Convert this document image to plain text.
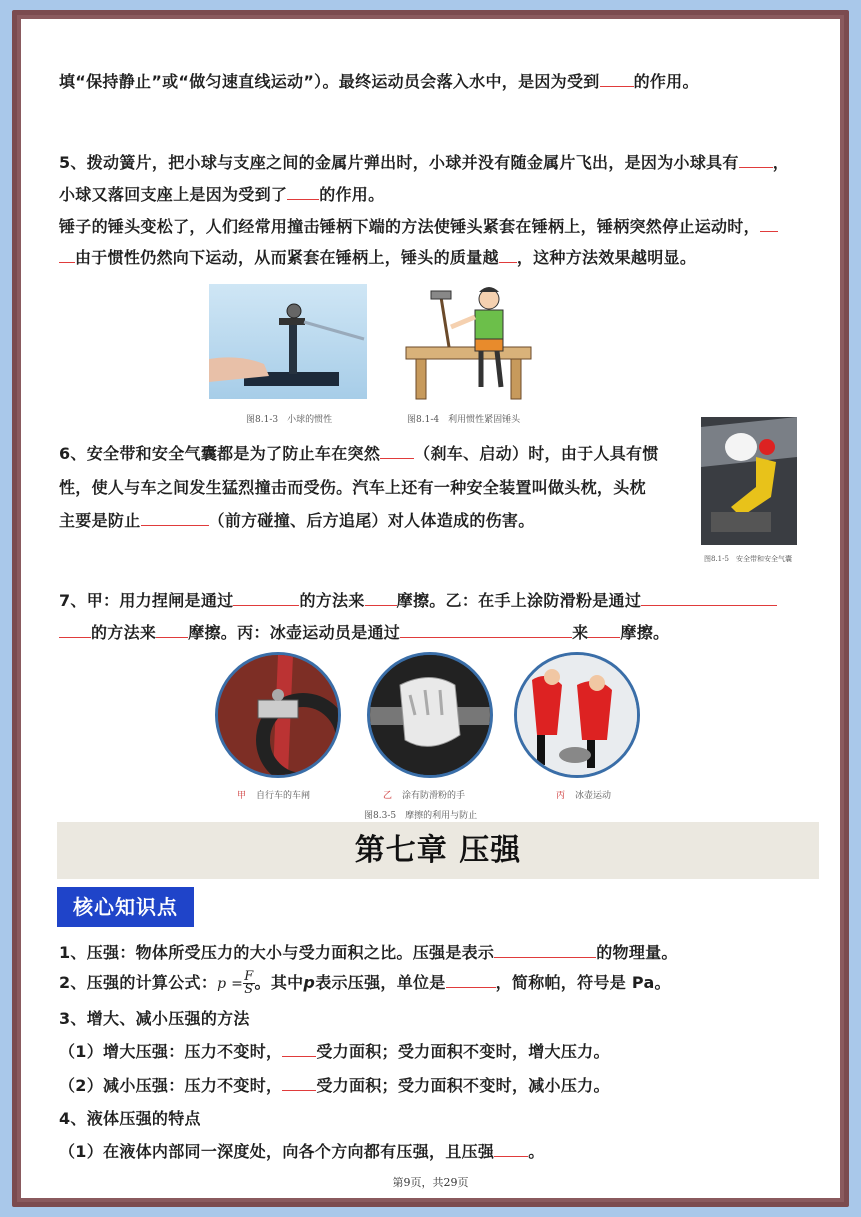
填“保持静止”或“做匀速直线运动”）。最终运动员会落入水中，是因为受到 的作用。
5、拨动簧片，把小球与支座之间的金属片弹出时，小球并没有随金属片飞出，是因为小球具有 ，
小球又落回支座上是因为受到了 的作用。
锤子的锤头变松了，人们经常用撞击锤柄下端的方法使锤头紧套在锤柄上，锤柄突然停止运动时，
由于惯性仍然向下运动，从而紧套在锤柄上，锤头的质量越 ，这种方法效果越明显。
图8.1-3　小球的惯性	图8.1-4　利用惯性紧固锤头
6、安全带和安全气囊都是为了防止车在突然 （刹车、启动）时，由于人具有惯
性，使人与车之间发生猛烈撞击而受伤。汽车上还有一种安全装置叫做头枕，头枕
主要是防止	（前方碰撞、后方追尾）对人体造成的伤害。
图8.1-5　安全带和安全气囊
7、甲：用力捏闸是通过	的方法来 摩擦。乙：在手上涂防滑粉是通过
的方法来 摩擦。丙：冰壶运动员是通过	来 摩擦。
甲 自行车的车闸	乙 涂有防滑粉的手	丙 冰壶运动
图8.3-5　摩擦的利用与防止
第七章 压强
核心知识点
1、压强：物体所受压力的大小与受力面积之比。压强是表示	的物理量。
2、压强的计算公式：$p = \frac{F}{S}$ 。其中p表示压强，单位是	，简称帕，符号是 Pa。
3、增大、减小压强的方法
（1）增大压强：压力不变时， 受力面积；受力面积不变时，增大压力。
（2）减小压强：压力不变时， 受力面积；受力面积不变时，减小压力。
4、液体压强的特点
（1）在液体内部同一深度处，向各个方向都有压强，且压强 。
第9页，共29页
